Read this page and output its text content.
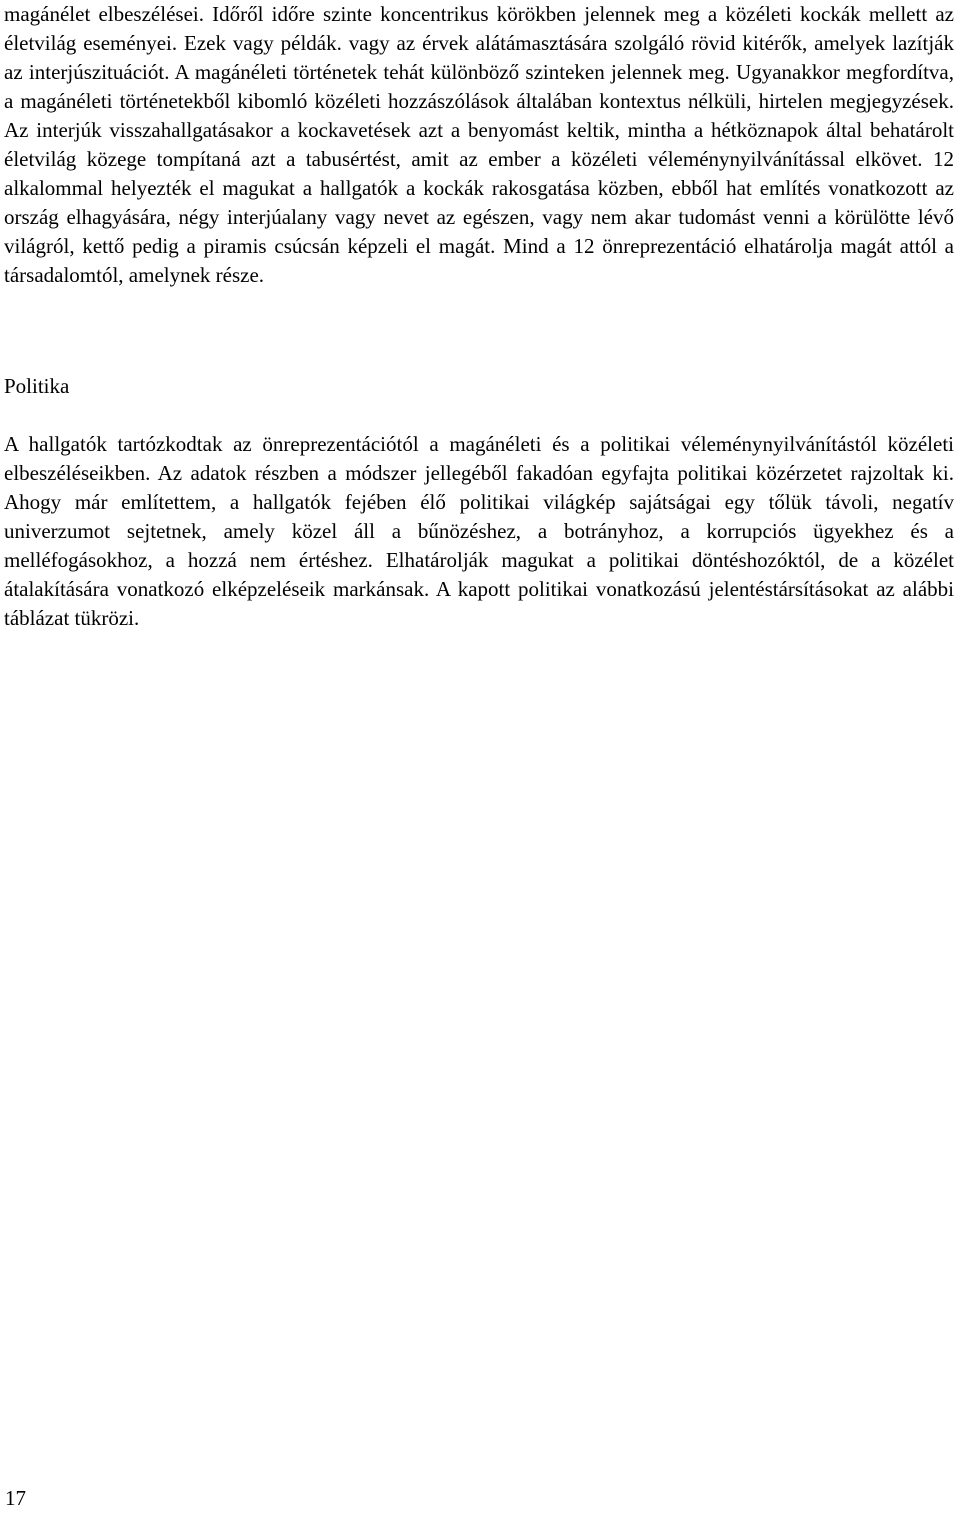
magánélet elbeszélései. Időről időre szinte koncentrikus körökben jelennek meg a közéleti kockák mellett az életvilág eseményei. Ezek vagy példák. vagy az érvek alátámasztására szolgáló rövid kitérők, amelyek lazítják az interjúszituációt. A magánéleti történetek tehát különböző szinteken jelennek meg. Ugyanakkor megfordítva, a magánéleti történetekből kibomló közéleti hozzászólások általában kontextus nélküli, hirtelen megjegyzések. Az interjúk visszahallgatásakor a kockavetések azt a benyomást keltik, mintha a hétköznapok által behatárolt életvilág közege tompítaná azt a tabusértést, amit az ember a közéleti véleménynyilvánítással elkövet. 12 alkalommal helyezték el magukat a hallgatók a kockák rakosgatása közben, ebből hat említés vonatkozott az ország elhagyására, négy interjúalany vagy nevet az egészen, vagy nem akar tudomást venni a körülötte lévő világról, kettő pedig a piramis csúcsán képzeli el magát. Mind a 12 önreprezentáció elhatárolja magát attól a társadalomtól, amelynek része.

Politika

A hallgatók tartózkodtak az önreprezentációtól a magánéleti és a politikai véleménynyilvánítástól közéleti elbeszéléseikben. Az adatok részben a módszer jellegéből fakadóan egyfajta politikai közérzetet rajzoltak ki. Ahogy már említettem, a hallgatók fejében élő politikai világkép sajátságai egy tőlük távoli, negatív univerzumot sejtetnek, amely közel áll a bűnözéshez, a botrányhoz, a korrupciós ügyekhez és a melléfogásokhoz, a hozzá nem értéshez. Elhatárolják magukat a politikai döntéshozóktól, de a közélet átalakítására vonatkozó elképzeléseik markánsak. A kapott politikai vonatkozású jelentéstársításokat az alábbi táblázat tükrözi.

17
